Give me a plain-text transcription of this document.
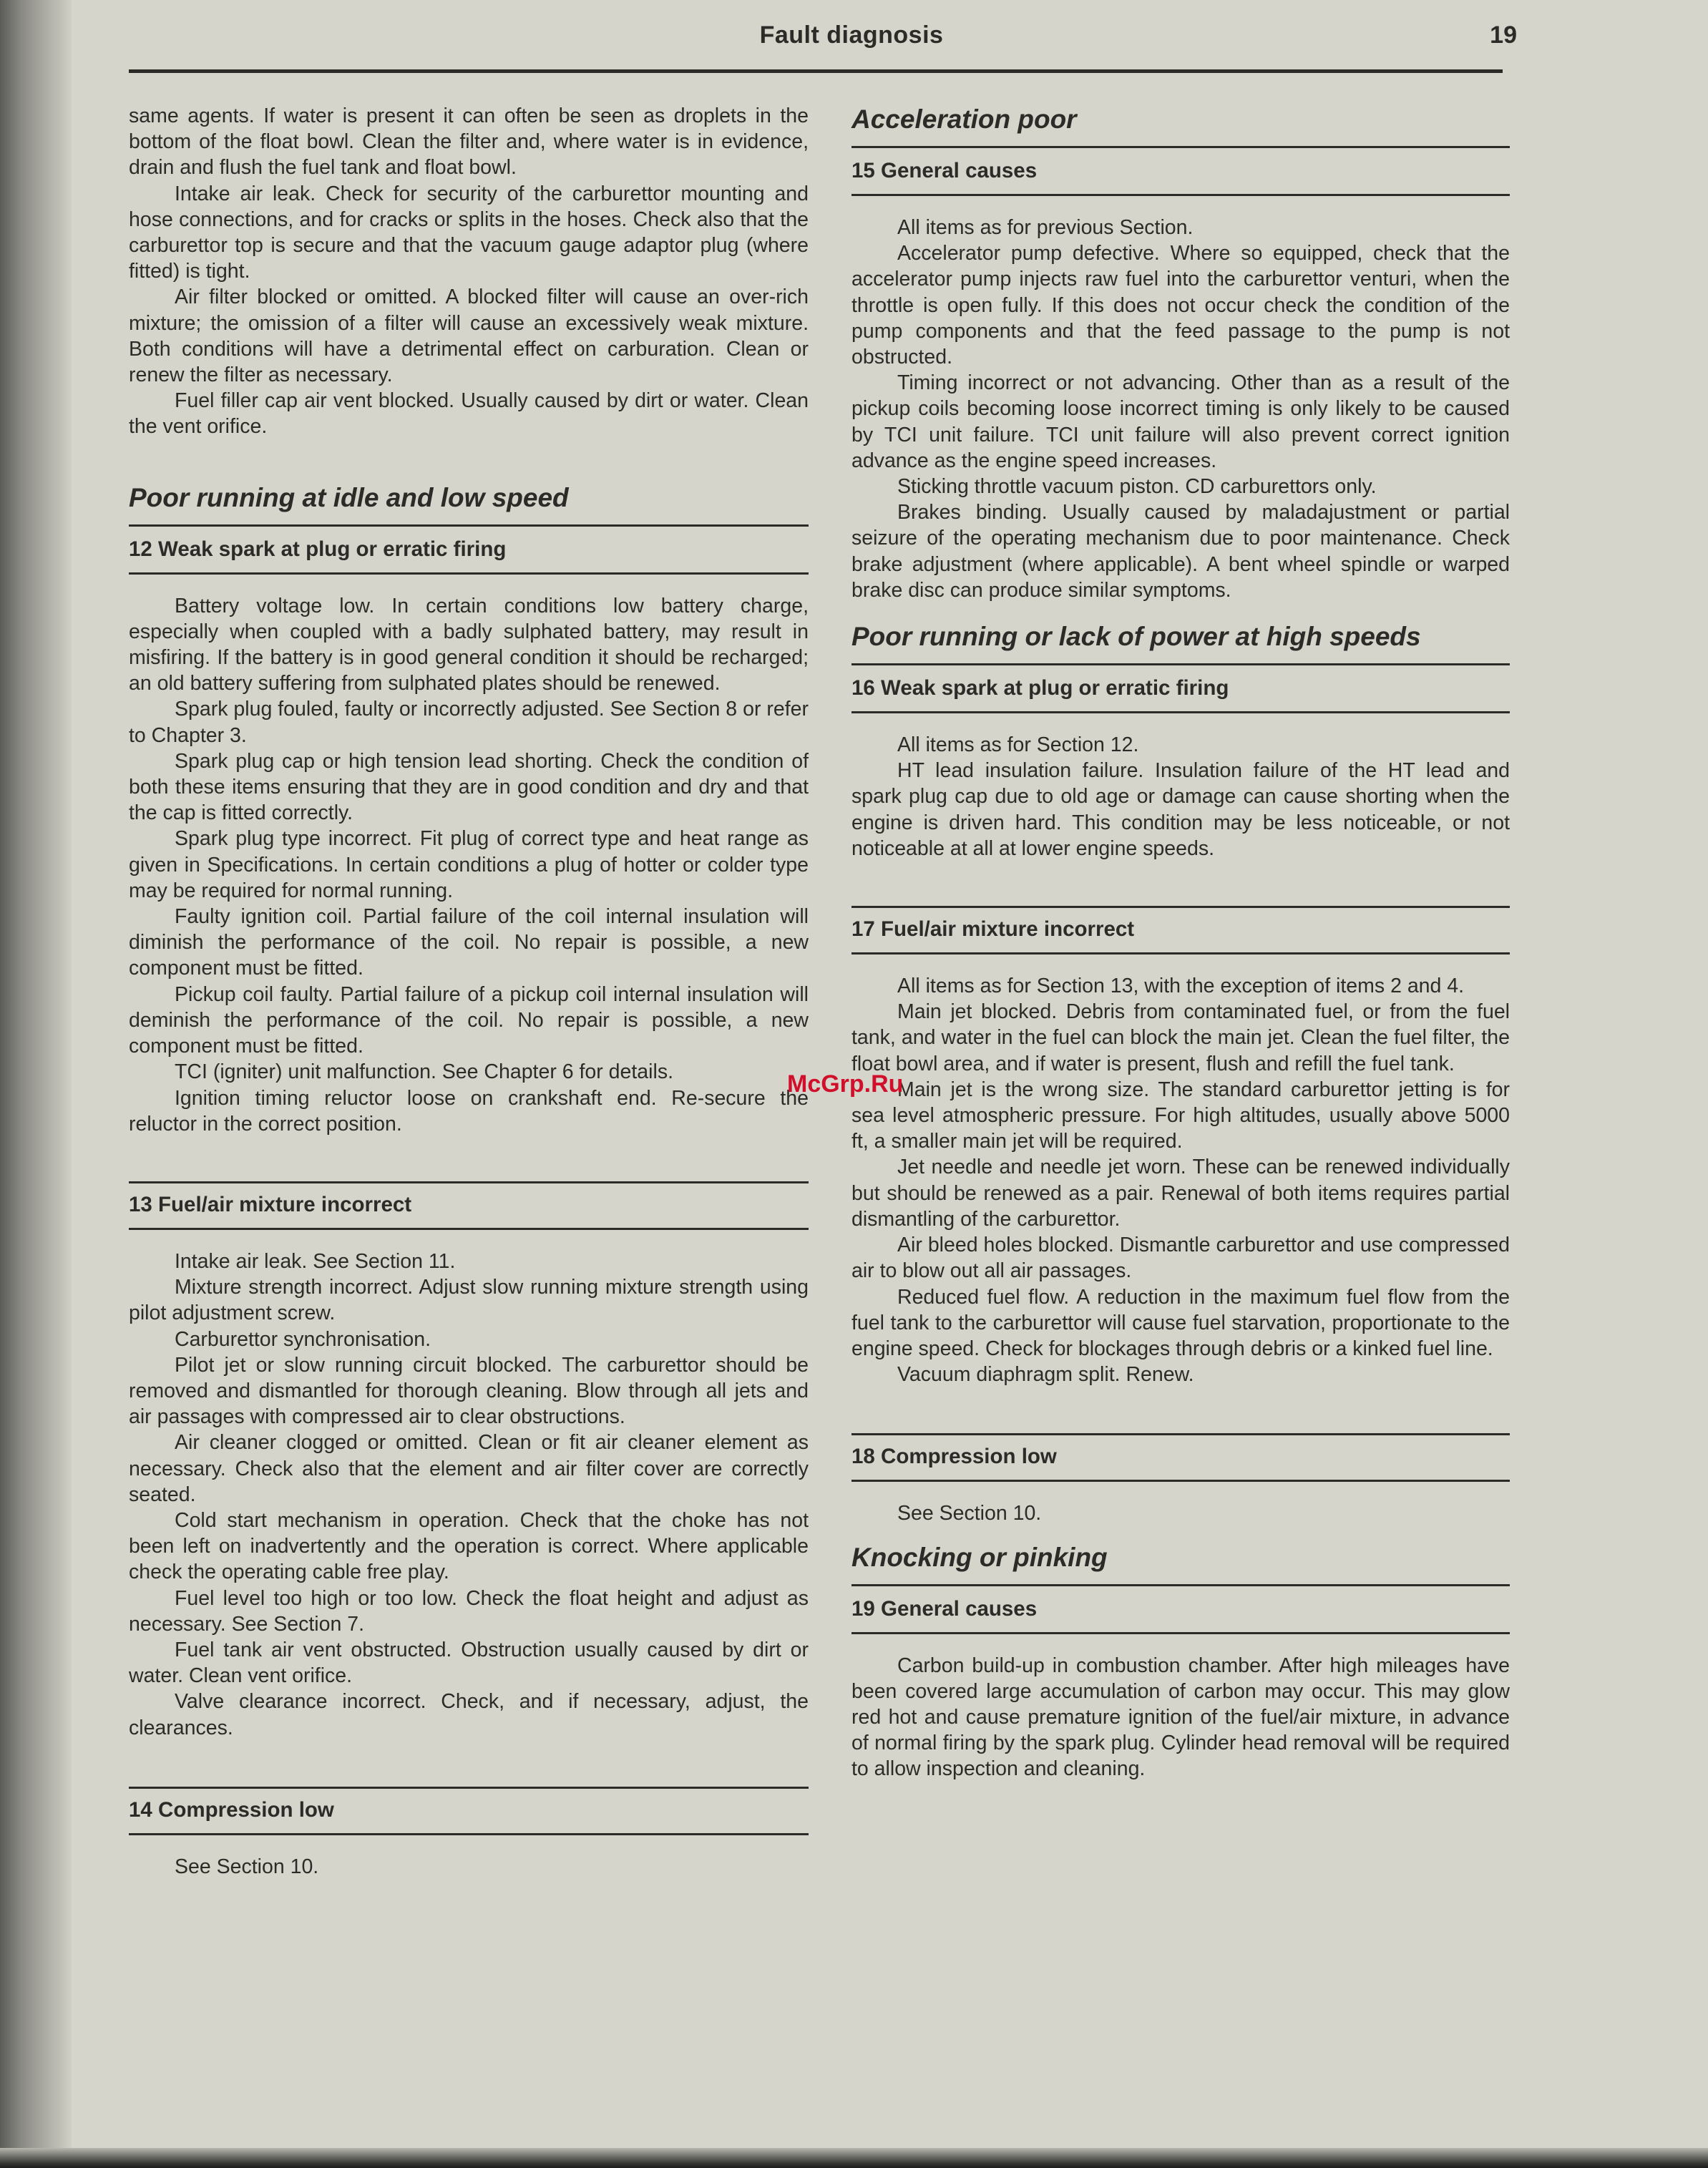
Fault diagnosis	19

same agents. If water is present it can often be seen as droplets in the bottom of the float bowl. Clean the filter and, where water is in evidence, drain and flush the fuel tank and float bowl.

Intake air leak. Check for security of the carburettor mounting and hose connections, and for cracks or splits in the hoses. Check also that the carburettor top is secure and that the vacuum gauge adaptor plug (where fitted) is tight.

Air filter blocked or omitted. A blocked filter will cause an over-rich mixture; the omission of a filter will cause an excessively weak mixture. Both conditions will have a detrimental effect on carburation. Clean or renew the filter as necessary.

Fuel filler cap air vent blocked. Usually caused by dirt or water. Clean the vent orifice.

Poor running at idle and low speed
12 Weak spark at plug or erratic firing

Battery voltage low. In certain conditions low battery charge, especially when coupled with a badly sulphated battery, may result in misfiring. If the battery is in good general condition it should be recharged; an old battery suffering from sulphated plates should be renewed.

Spark plug fouled, faulty or incorrectly adjusted. See Section 8 or refer to Chapter 3.

Spark plug cap or high tension lead shorting. Check the condition of both these items ensuring that they are in good condition and dry and that the cap is fitted correctly.

Spark plug type incorrect. Fit plug of correct type and heat range as given in Specifications. In certain conditions a plug of hotter or colder type may be required for normal running.

Faulty ignition coil. Partial failure of the coil internal insulation will diminish the performance of the coil. No repair is possible, a new component must be fitted.

Pickup coil faulty. Partial failure of a pickup coil internal insulation will deminish the performance of the coil. No repair is possible, a new component must be fitted.

TCI (igniter) unit malfunction. See Chapter 6 for details.

Ignition timing reluctor loose on crankshaft end. Re-secure the reluctor in the correct position.

13 Fuel/air mixture incorrect

Intake air leak. See Section 11.

Mixture strength incorrect. Adjust slow running mixture strength using pilot adjustment screw.

Carburettor synchronisation.

Pilot jet or slow running circuit blocked. The carburettor should be removed and dismantled for thorough cleaning. Blow through all jets and air passages with compressed air to clear obstructions.

Air cleaner clogged or omitted. Clean or fit air cleaner element as necessary. Check also that the element and air filter cover are correctly seated.

Cold start mechanism in operation. Check that the choke has not been left on inadvertently and the operation is correct. Where applicable check the operating cable free play.

Fuel level too high or too low. Check the float height and adjust as necessary. See Section 7.

Fuel tank air vent obstructed. Obstruction usually caused by dirt or water. Clean vent orifice.

Valve clearance incorrect. Check, and if necessary, adjust, the clearances.

14 Compression low

See Section 10.

Acceleration poor
15 General causes

All items as for previous Section.

Accelerator pump defective. Where so equipped, check that the accelerator pump injects raw fuel into the carburettor venturi, when the throttle is open fully. If this does not occur check the condition of the pump components and that the feed passage to the pump is not obstructed.

Timing incorrect or not advancing. Other than as a result of the pickup coils becoming loose incorrect timing is only likely to be caused by TCI unit failure. TCI unit failure will also prevent correct ignition advance as the engine speed increases.

Sticking throttle vacuum piston. CD carburettors only.

Brakes binding. Usually caused by maladajustment or partial seizure of the operating mechanism due to poor maintenance. Check brake adjustment (where applicable). A bent wheel spindle or warped brake disc can produce similar symptoms.

Poor running or lack of power at high speeds
16 Weak spark at plug or erratic firing

All items as for Section 12.

HT lead insulation failure. Insulation failure of the HT lead and spark plug cap due to old age or damage can cause shorting when the engine is driven hard. This condition may be less noticeable, or not noticeable at all at lower engine speeds.

17 Fuel/air mixture incorrect

All items as for Section 13, with the exception of items 2 and 4.

Main jet blocked. Debris from contaminated fuel, or from the fuel tank, and water in the fuel can block the main jet. Clean the fuel filter, the float bowl area, and if water is present, flush and refill the fuel tank.

Main jet is the wrong size. The standard carburettor jetting is for sea level atmospheric pressure. For high altitudes, usually above 5000 ft, a smaller main jet will be required.

Jet needle and needle jet worn. These can be renewed individually but should be renewed as a pair. Renewal of both items requires partial dismantling of the carburettor.

Air bleed holes blocked. Dismantle carburettor and use compressed air to blow out all air passages.

Reduced fuel flow. A reduction in the maximum fuel flow from the fuel tank to the carburettor will cause fuel starvation, proportionate to the engine speed. Check for blockages through debris or a kinked fuel line.

Vacuum diaphragm split. Renew.

18 Compression low

See Section 10.

Knocking or pinking
19 General causes

Carbon build-up in combustion chamber. After high mileages have been covered large accumulation of carbon may occur. This may glow red hot and cause premature ignition of the fuel/air mixture, in advance of normal firing by the spark plug. Cylinder head removal will be required to allow inspection and cleaning.

McGrp.Ru
